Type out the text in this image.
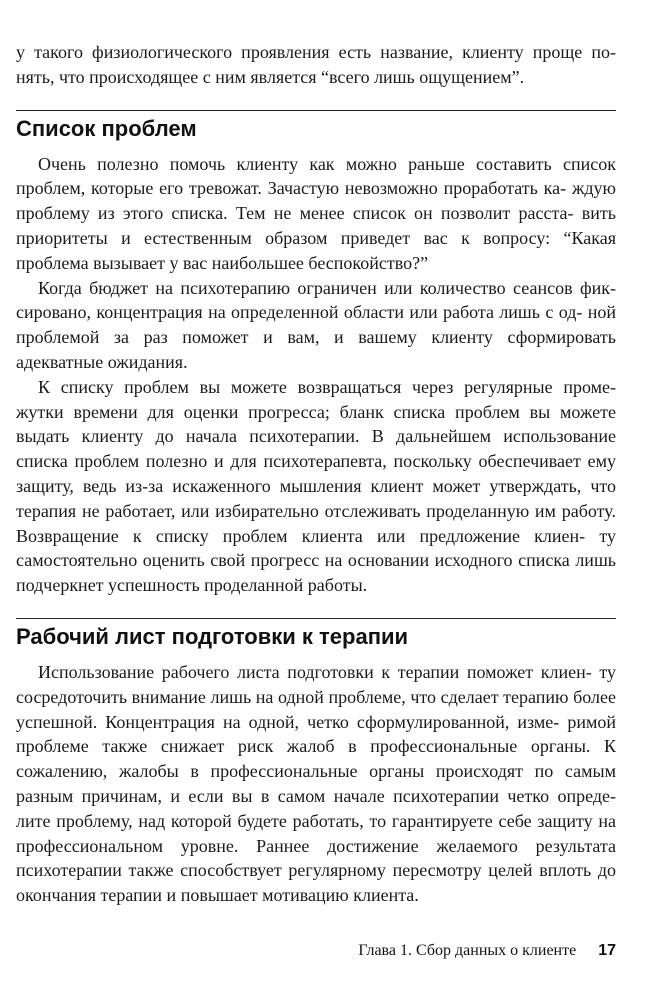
у такого физиологического проявления есть название, клиенту проще по- нять, что происходящее с ним является “всего лишь ощущением”.

Список проблем

Очень полезно помочь клиенту как можно раньше составить список проблем, которые его тревожат. Зачастую невозможно проработать ка- ждую проблему из этого списка. Тем не менее список он позволит расста- вить приоритеты и естественным образом приведет вас к вопросу: “Какая проблема вызывает у вас наибольшее беспокойство?”

Когда бюджет на психотерапию ограничен или количество сеансов фик- сировано, концентрация на определенной области или работа лишь с од- ной проблемой за раз поможет и вам, и вашему клиенту сформировать адекватные ожидания.

К списку проблем вы можете возвращаться через регулярные проме- жутки времени для оценки прогресса; бланк списка проблем вы можете выдать клиенту до начала психотерапии. В дальнейшем использование списка проблем полезно и для психотерапевта, поскольку обеспечивает ему защиту, ведь из-за искаженного мышления клиент может утверждать, что терапия не работает, или избирательно отслеживать проделанную им работу. Возвращение к списку проблем клиента или предложение клиен- ту самостоятельно оценить свой прогресс на основании исходного списка лишь подчеркнет успешность проделанной работы.

Рабочий лист подготовки к терапии

Использование рабочего листа подготовки к терапии поможет клиен- ту сосредоточить внимание лишь на одной проблеме, что сделает терапию более успешной. Концентрация на одной, четко сформулированной, изме- римой проблеме также снижает риск жалоб в профессиональные органы. К сожалению, жалобы в профессиональные органы происходят по самым разным причинам, и если вы в самом начале психотерапии четко опреде- лите проблему, над которой будете работать, то гарантируете себе защиту на профессиональном уровне. Раннее достижение желаемого результата психотерапии также способствует регулярному пересмотру целей вплоть до окончания терапии и повышает мотивацию клиента.

Глава 1. Сбор данных о клиенте 17
